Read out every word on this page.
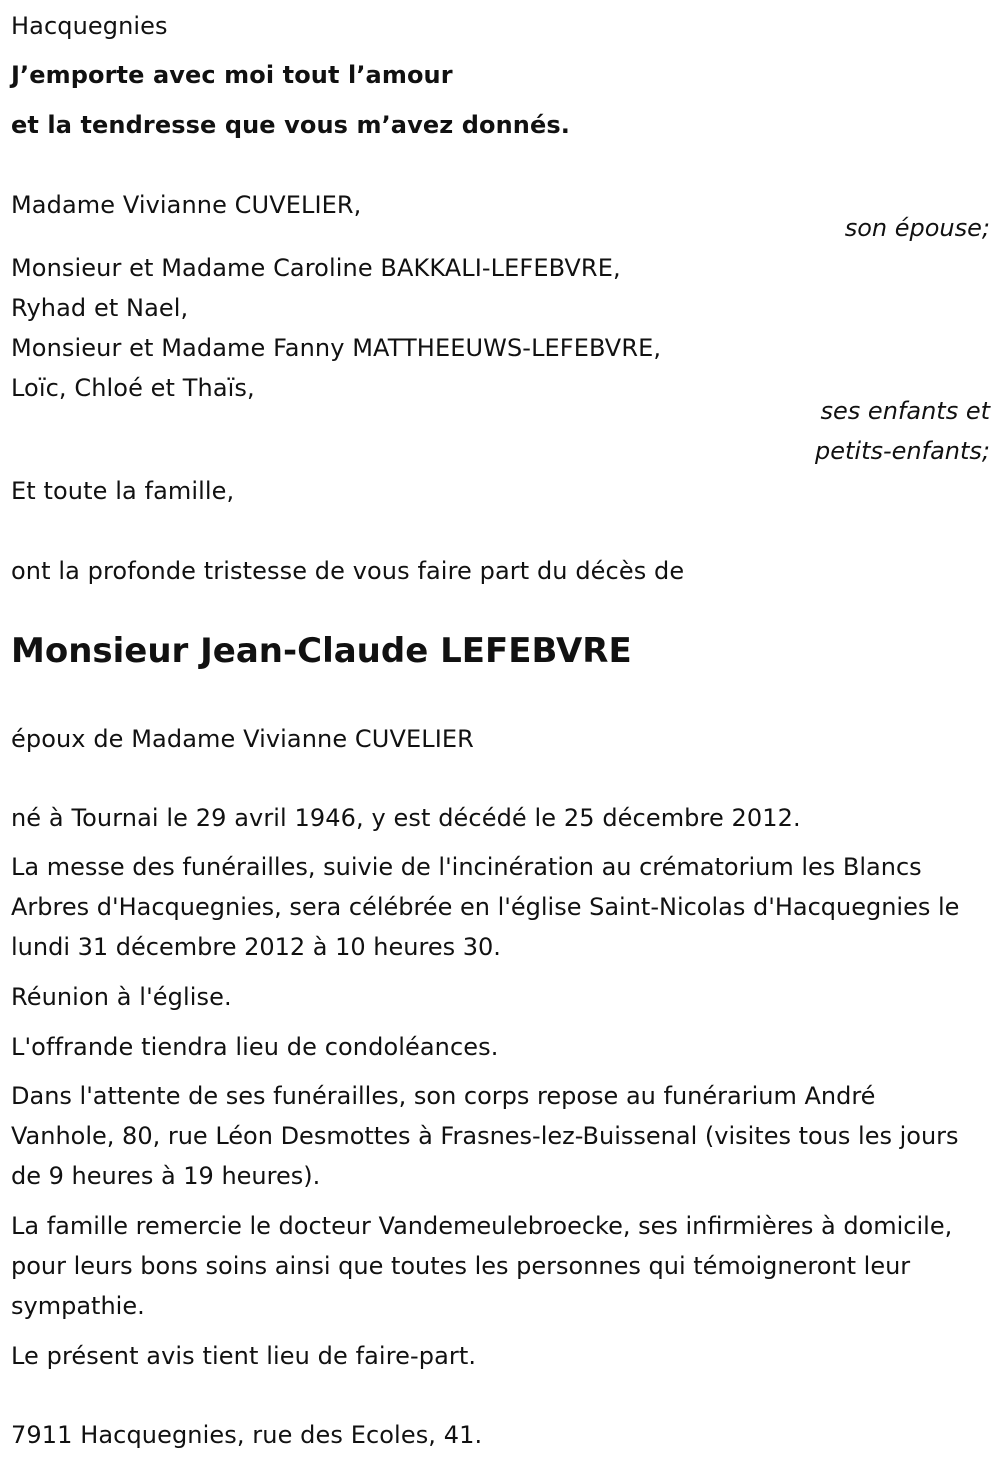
Hacquegnies
J’emporte avec moi tout l’amour
et la tendresse que vous m’avez donnés.
Madame Vivianne CUVELIER,
son épouse;
Monsieur et Madame Caroline BAKKALI-LEFEBVRE,
Ryhad et Nael,
Monsieur et Madame Fanny MATTHEEUWS-LEFEBVRE,
Loïc, Chloé et Thaïs,
ses enfants et
petits-enfants;
Et toute la famille,
ont la profonde tristesse de vous faire part du décès de
Monsieur Jean-Claude LEFEBVRE
époux de Madame Vivianne CUVELIER
né à Tournai le 29 avril 1946, y est décédé le 25 décembre 2012.
La messe des funérailles, suivie de l'incinération au crématorium les Blancs Arbres d'Hacquegnies, sera célébrée en l'église Saint-Nicolas d'Hacquegnies le lundi 31 décembre 2012 à 10 heures 30.
Réunion à l'église.
L'offrande tiendra lieu de condoléances.
Dans l'attente de ses funérailles, son corps repose au funérarium André Vanhole, 80, rue Léon Desmottes à Frasnes-lez-Buissenal (visites tous les jours de 9 heures à 19 heures).
La famille remercie le docteur Vandemeulebroecke, ses infirmières à domicile, pour leurs bons soins ainsi que toutes les personnes qui témoigneront leur sympathie.
Le présent avis tient lieu de faire-part.
7911 Hacquegnies, rue des Ecoles, 41.
